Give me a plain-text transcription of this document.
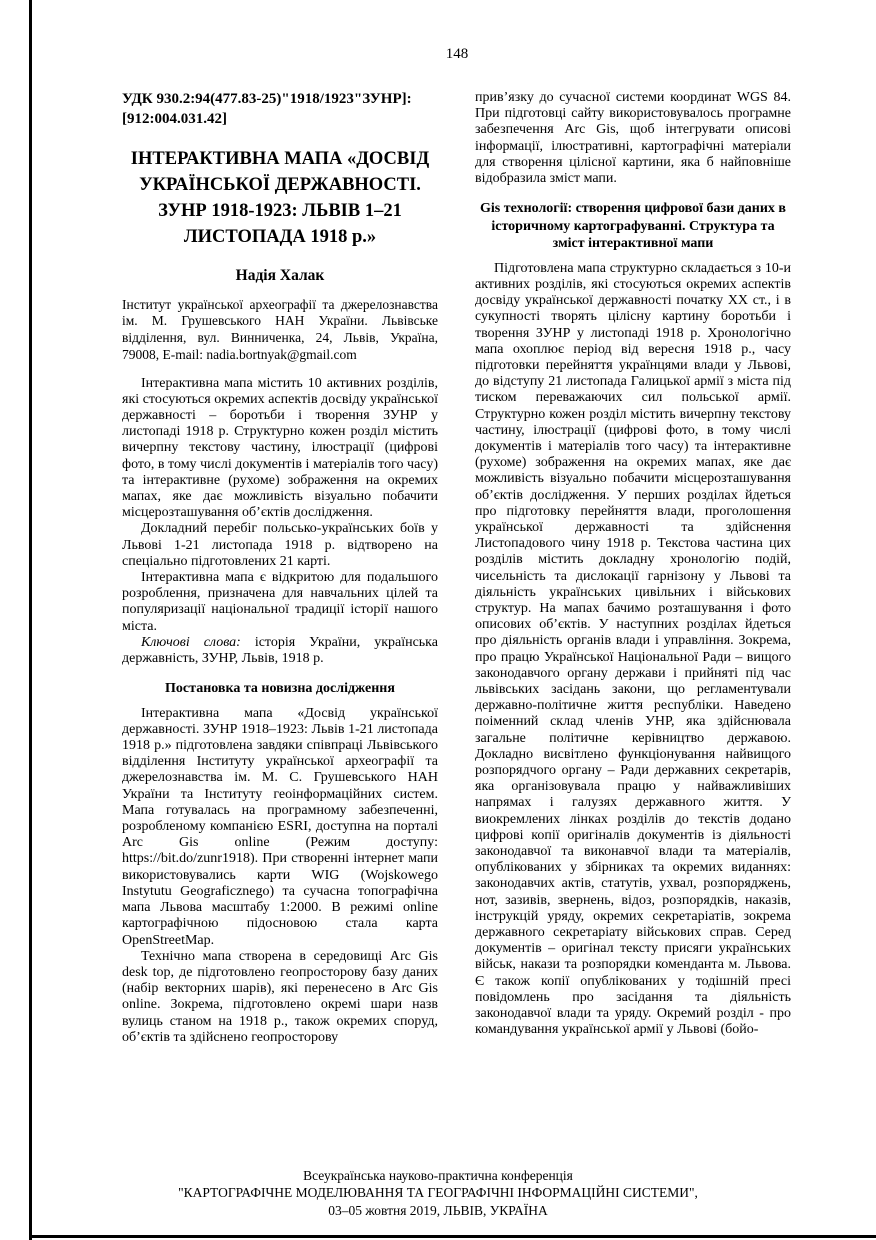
148

УДК 930.2:94(477.83-25)"1918/1923"ЗУНР]:[912:004.031.42]

ІНТЕРАКТИВНА МАПА «ДОСВІД УКРАЇНСЬКОЇ ДЕРЖАВНОСТІ. ЗУНР 1918-1923: ЛЬВІВ 1–21 ЛИСТОПАДА 1918 р.»

Надія Халак

Інститут української археографії та джерелознавства ім. М. Грушевського НАН України. Львівське відділення, вул. Винниченка, 24, Львів, Україна, 79008, E-mail: nadia.bortnyak@gmail.com

Інтерактивна мапа містить 10 активних розділів, які стосуються окремих аспектів досвіду української державності – боротьби і творення ЗУНР у листопаді 1918 р. Структурно кожен розділ містить вичерпну текстову частину, ілюстрації (цифрові фото, в тому числі документів і матеріалів того часу) та інтерактивне (рухоме) зображення на окремих мапах, яке дає можливість візуально побачити місцерозташування об’єктів дослідження.

Докладний перебіг польсько-українських боїв у Львові 1-21 листопада 1918 р. відтворено на спеціально підготовлених 21 карті.

Інтерактивна мапа є відкритою для подальшого розроблення, призначена для навчальних цілей та популяризації національної традиції історії нашого міста.

Ключові слова: історія України, українська державність, ЗУНР, Львів, 1918 р.

Постановка та новизна дослідження

Інтерактивна мапа «Досвід української державності. ЗУНР 1918–1923: Львів 1-21 листопада 1918 р.» підготовлена завдяки співпраці Львівського відділення Інституту української археографії та джерелознавства ім. М. С. Грушевського НАН України та Інституту геоінформаційних систем. Мапа готувалась на програмному забезпеченні, розробленому компанією ESRI, доступна на порталі Arc Gis online (Режим доступу: https://bit.do/zunr1918). При створенні інтернет мапи використовувались карти WIG (Wojskowego Instytutu Geograficznego) та сучасна топографічна мапа Львова масштабу 1:2000. В режимі online картографічною підосновою стала карта OpenStreetMap.

Технічно мапа створена в середовищі Arc Gis desk top, де підготовлено геопросторову базу даних (набір векторних шарів), які перенесено в Arc Gis online. Зокрема, підготовлено окремі шари назв вулиць станом на 1918 р., також окремих споруд, об’єктів та здійснено геопросторову

прив’язку до сучасної системи координат WGS 84. При підготовці сайту використовувалось програмне забезпечення Arc Gis, щоб інтегрувати описові інформації, ілюстративні, картографічні матеріали для створення цілісної картини, яка б найповніше відобразила зміст мапи.

Gis технології: створення цифрової бази даних в історичному картографуванні. Структура та зміст інтерактивної мапи

Підготовлена мапа структурно складається з 10-и активних розділів, які стосуються окремих аспектів досвіду української державності початку ХХ ст., і в сукупності творять цілісну картину боротьби і творення ЗУНР у листопаді 1918 р. Хронологічно мапа охоплює період від вересня 1918 р., часу підготовки перейняття українцями влади у Львові, до відступу 21 листопада Галицької армії з міста під тиском переважаючих сил польської армії. Структурно кожен розділ містить вичерпну текстову частину, ілюстрації (цифрові фото, в тому числі документів і матеріалів того часу) та інтерактивне (рухоме) зображення на окремих мапах, яке дає можливість візуально побачити місцерозташування об’єктів дослідження. У перших розділах йдеться про підготовку перейняття влади, проголошення української державності та здійснення Листопадового чину 1918 р. Текстова частина цих розділів містить докладну хронологію подій, чисельність та дислокації гарнізону у Львові та діяльність українських цивільних і військових структур. На мапах бачимо розташування і фото описових об’єктів. У наступних розділах йдеться про діяльність органів влади і управління. Зокрема, про працю Української Національної Ради – вищого законодавчого органу держави і прийняті під час львівських засідань закони, що регламентували державно-політичне життя республіки. Наведено поіменний склад членів УНР, яка здійснювала загальне політичне керівництво державою. Докладно висвітлено функціонування найвищого розпорядчого органу – Ради державних секретарів, яка організовувала працю у найважливіших напрямах і галузях державного життя. У виокремлених лінках розділів до текстів додано цифрові копії оригіналів документів із діяльності законодавчої та виконавчої влади та матеріалів, опублікованих у збірниках та окремих виданнях: законодавчих актів, статутів, ухвал, розпоряджень, нот, зазивів, звернень, відоз, розпорядків, наказів, інструкцій уряду, окремих секретаріатів, зокрема державного секретаріату військових справ. Серед документів – оригінал тексту присяги українських військ, накази та розпорядки коменданта м. Львова. Є також копії опублікованих у тодішній пресі повідомлень про засідання та діяльність законодавчої влади та уряду. Окремий розділ - про командування української армії у Львові (бойо-

Всеукраїнська науково-практична конференція

"КАРТОГРАФІЧНЕ МОДЕЛЮВАННЯ ТА ГЕОГРАФІЧНІ ІНФОРМАЦІЙНІ СИСТЕМИ",

03–05 жовтня 2019, ЛЬВІВ, УКРАЇНА
